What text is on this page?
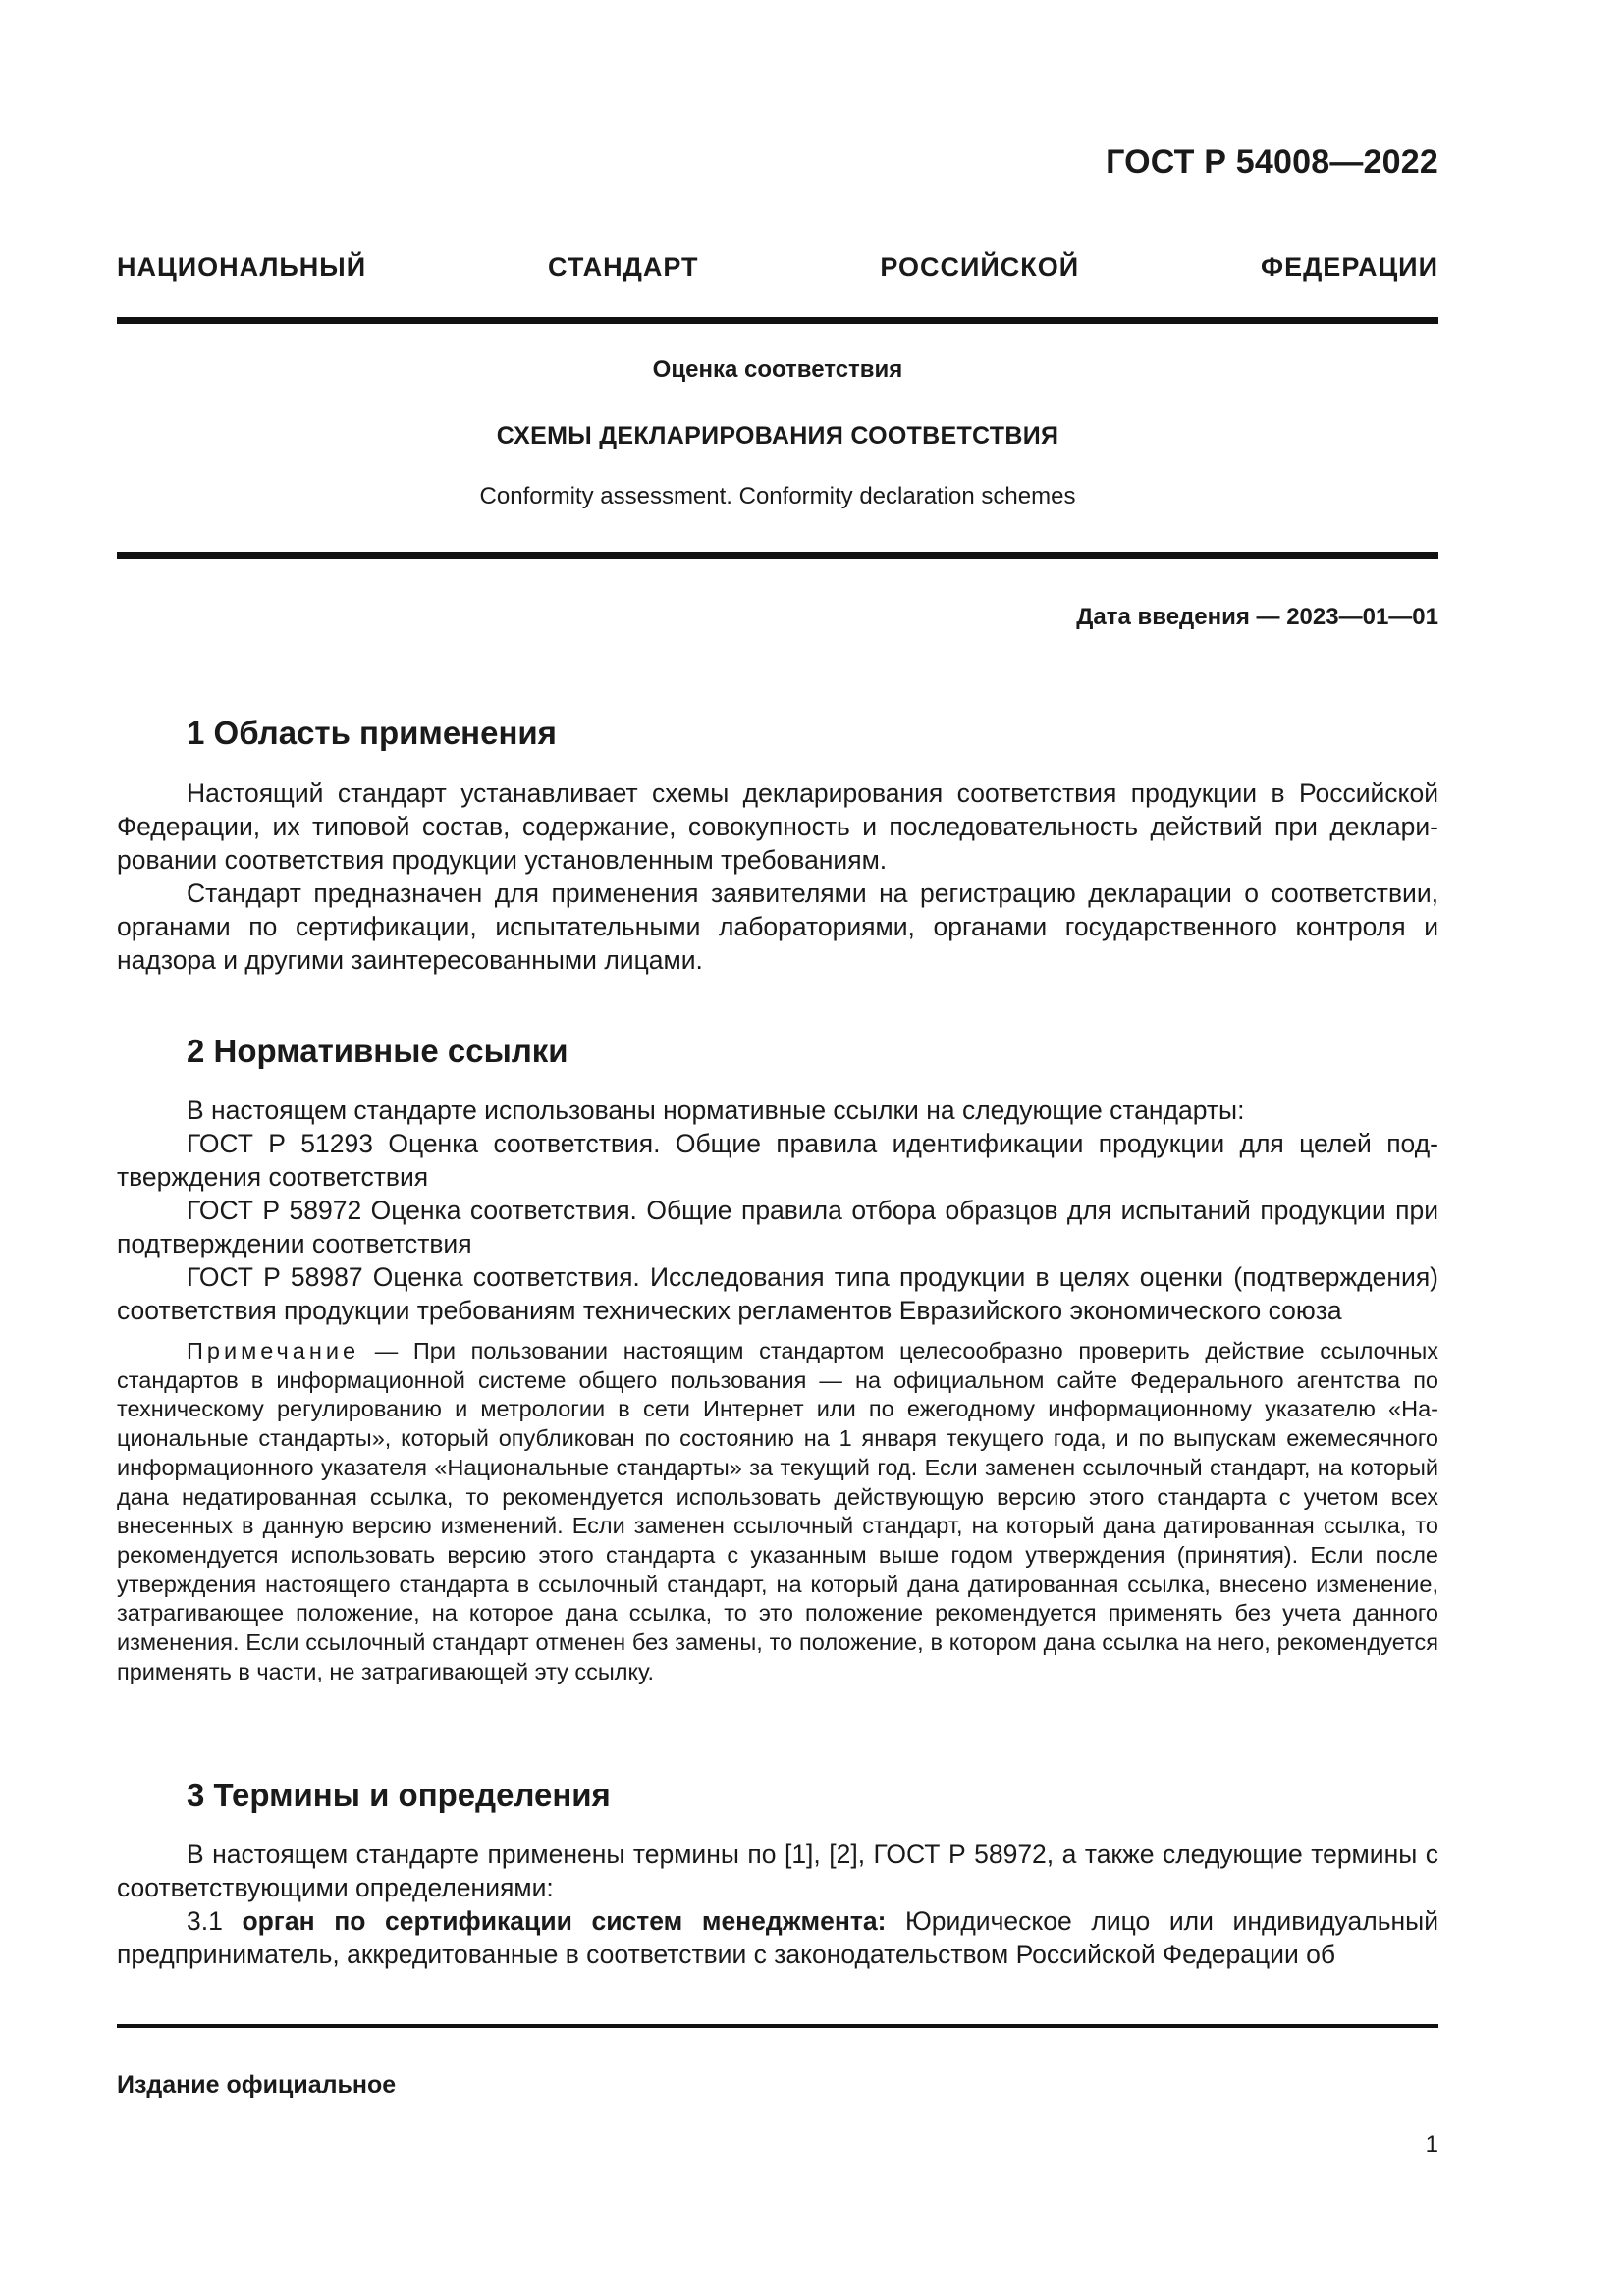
ГОСТ Р 54008—2022
НАЦИОНАЛЬНЫЙ СТАНДАРТ РОССИЙСКОЙ ФЕДЕРАЦИИ
Оценка соответствия
СХЕМЫ ДЕКЛАРИРОВАНИЯ СООТВЕТСТВИЯ
Conformity assessment. Conformity declaration schemes
Дата введения — 2023—01—01
1 Область применения

Настоящий стандарт устанавливает схемы декларирования соответствия продукции в Российской Федерации, их типовой состав, содержание, совокупность и последовательность действий при декларировании соответствия продукции установленным требованиям.

Стандарт предназначен для применения заявителями на регистрацию декларации о соответствии, органами по сертификации, испытательными лабораториями, органами государственного контроля и надзора и другими заинтересованными лицами.

2 Нормативные ссылки

В настоящем стандарте использованы нормативные ссылки на следующие стандарты:

ГОСТ Р 51293 Оценка соответствия. Общие правила идентификации продукции для целей подтверждения соответствия

ГОСТ Р 58972 Оценка соответствия. Общие правила отбора образцов для испытаний продукции при подтверждении соответствия

ГОСТ Р 58987 Оценка соответствия. Исследования типа продукции в целях оценки (подтверждения) соответствия продукции требованиям технических регламентов Евразийского экономического союза

Примечание — При пользовании настоящим стандартом целесообразно проверить действие ссылочных стандартов в информационной системе общего пользования — на официальном сайте Федерального агентства по техническому регулированию и метрологии в сети Интернет или по ежегодному информационному указателю «Национальные стандарты», который опубликован по состоянию на 1 января текущего года, и по выпускам ежемесячного информационного указателя «Национальные стандарты» за текущий год. Если заменен ссылочный стандарт, на который дана недатированная ссылка, то рекомендуется использовать действующую версию этого стандарта с учетом всех внесенных в данную версию изменений. Если заменен ссылочный стандарт, на который дана датированная ссылка, то рекомендуется использовать версию этого стандарта с указанным выше годом утверждения (принятия). Если после утверждения настоящего стандарта в ссылочный стандарт, на который дана датированная ссылка, внесено изменение, затрагивающее положение, на которое дана ссылка, то это положение рекомендуется применять без учета данного изменения. Если ссылочный стандарт отменен без замены, то положение, в котором дана ссылка на него, рекомендуется применять в части, не затрагивающей эту ссылку.

3 Термины и определения

В настоящем стандарте применены термины по [1], [2], ГОСТ Р 58972, а также следующие термины с соответствующими определениями:

3.1 орган по сертификации систем менеджмента: Юридическое лицо или индивидуальный предприниматель, аккредитованные в соответствии с законодательством Российской Федерации об

Издание официальное
1
